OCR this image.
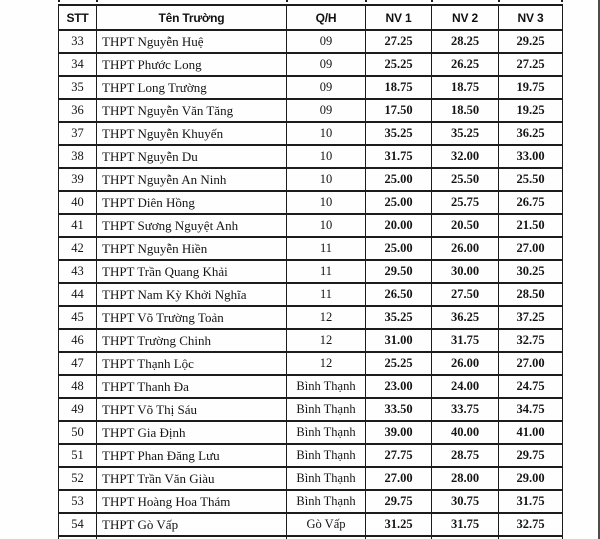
STT	Tên Trường	Q/H	NV 1	NV 2	NV 3
33	THPT Nguyễn Huệ	09	27.25	28.25	29.25
34	THPT Phước Long	09	25.25	26.25	27.25
35	THPT Long Trường	09	18.75	18.75	19.75
36	THPT Nguyễn Văn Tăng	09	17.50	18.50	19.25
37	THPT Nguyễn Khuyến	10	35.25	35.25	36.25
38	THPT Nguyễn Du	10	31.75	32.00	33.00
39	THPT Nguyễn An Ninh	10	25.00	25.50	25.50
40	THPT Diên Hồng	10	25.00	25.75	26.75
41	THPT Sương Nguyệt Anh	10	20.00	20.50	21.50
42	THPT Nguyễn Hiền	11	25.00	26.00	27.00
43	THPT Trần Quang Khải	11	29.50	30.00	30.25
44	THPT Nam Kỳ Khởi Nghĩa	11	26.50	27.50	28.50
45	THPT Võ Trường Toản	12	35.25	36.25	37.25
46	THPT Trường Chinh	12	31.00	31.75	32.75
47	THPT Thạnh Lộc	12	25.25	26.00	27.00
48	THPT Thanh Đa	Bình Thạnh	23.00	24.00	24.75
49	THPT Võ Thị Sáu	Bình Thạnh	33.50	33.75	34.75
50	THPT Gia Định	Bình Thạnh	39.00	40.00	41.00
51	THPT Phan Đăng Lưu	Bình Thạnh	27.75	28.75	29.75
52	THPT Trần Văn Giàu	Bình Thạnh	27.00	28.00	29.00
53	THPT Hoàng Hoa Thám	Bình Thạnh	29.75	30.75	31.75
54	THPT Gò Vấp	Gò Vấp	31.25	31.75	32.75
